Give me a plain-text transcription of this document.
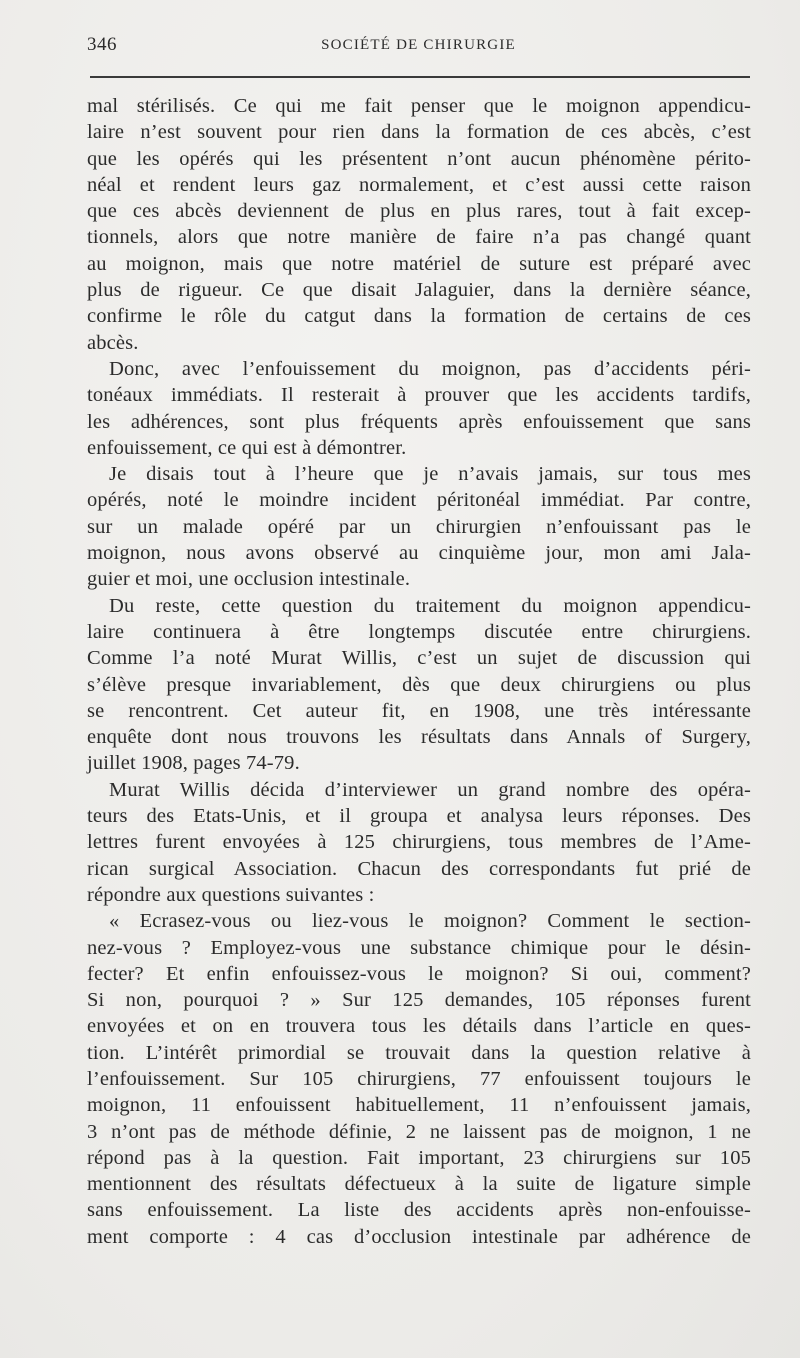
346	SOCIÉTÉ DE CHIRURGIE
mal stérilisés. Ce qui me fait penser que le moignon appendicu-
laire n’est souvent pour rien dans la formation de ces abcès, c’est
que les opérés qui les présentent n’ont aucun phénomène périto-
néal et rendent leurs gaz normalement, et c’est aussi cette raison
que ces abcès deviennent de plus en plus rares, tout à fait excep-
tionnels, alors que notre manière de faire n’a pas changé quant
au moignon, mais que notre matériel de suture est préparé avec
plus de rigueur. Ce que disait Jalaguier, dans la dernière séance,
confirme le rôle du catgut dans la formation de certains de ces
abcès.
Donc, avec l’enfouissement du moignon, pas d’accidents péri-
tonéaux immédiats. Il resterait à prouver que les accidents tardifs,
les adhérences, sont plus fréquents après enfouissement que sans
enfouissement, ce qui est à démontrer.
Je disais tout à l’heure que je n’avais jamais, sur tous mes
opérés, noté le moindre incident péritonéal immédiat. Par contre,
sur un malade opéré par un chirurgien n’enfouissant pas le
moignon, nous avons observé au cinquième jour, mon ami Jala-
guier et moi, une occlusion intestinale.
Du reste, cette question du traitement du moignon appendicu-
laire continuera à être longtemps discutée entre chirurgiens.
Comme l’a noté Murat Willis, c’est un sujet de discussion qui
s’élève presque invariablement, dès que deux chirurgiens ou plus
se rencontrent. Cet auteur fit, en 1908, une très intéressante
enquête dont nous trouvons les résultats dans Annals of Surgery,
juillet 1908, pages 74-79.
Murat Willis décida d’interviewer un grand nombre des opéra-
teurs des Etats-Unis, et il groupa et analysa leurs réponses. Des
lettres furent envoyées à 125 chirurgiens, tous membres de l’Ame-
rican surgical Association. Chacun des correspondants fut prié de
répondre aux questions suivantes :
« Ecrasez-vous ou liez-vous le moignon? Comment le section-
nez-vous ? Employez-vous une substance chimique pour le désin-
fecter? Et enfin enfouissez-vous le moignon? Si oui, comment?
Si non, pourquoi ? » Sur 125 demandes, 105 réponses furent
envoyées et on en trouvera tous les détails dans l’article en ques-
tion. L’intérêt primordial se trouvait dans la question relative à
l’enfouissement. Sur 105 chirurgiens, 77 enfouissent toujours le
moignon, 11 enfouissent habituellement, 11 n’enfouissent jamais,
3 n’ont pas de méthode définie, 2 ne laissent pas de moignon, 1 ne
répond pas à la question. Fait important, 23 chirurgiens sur 105
mentionnent des résultats défectueux à la suite de ligature simple
sans enfouissement. La liste des accidents après non-enfouisse-
ment comporte : 4 cas d’occlusion intestinale par adhérence de
